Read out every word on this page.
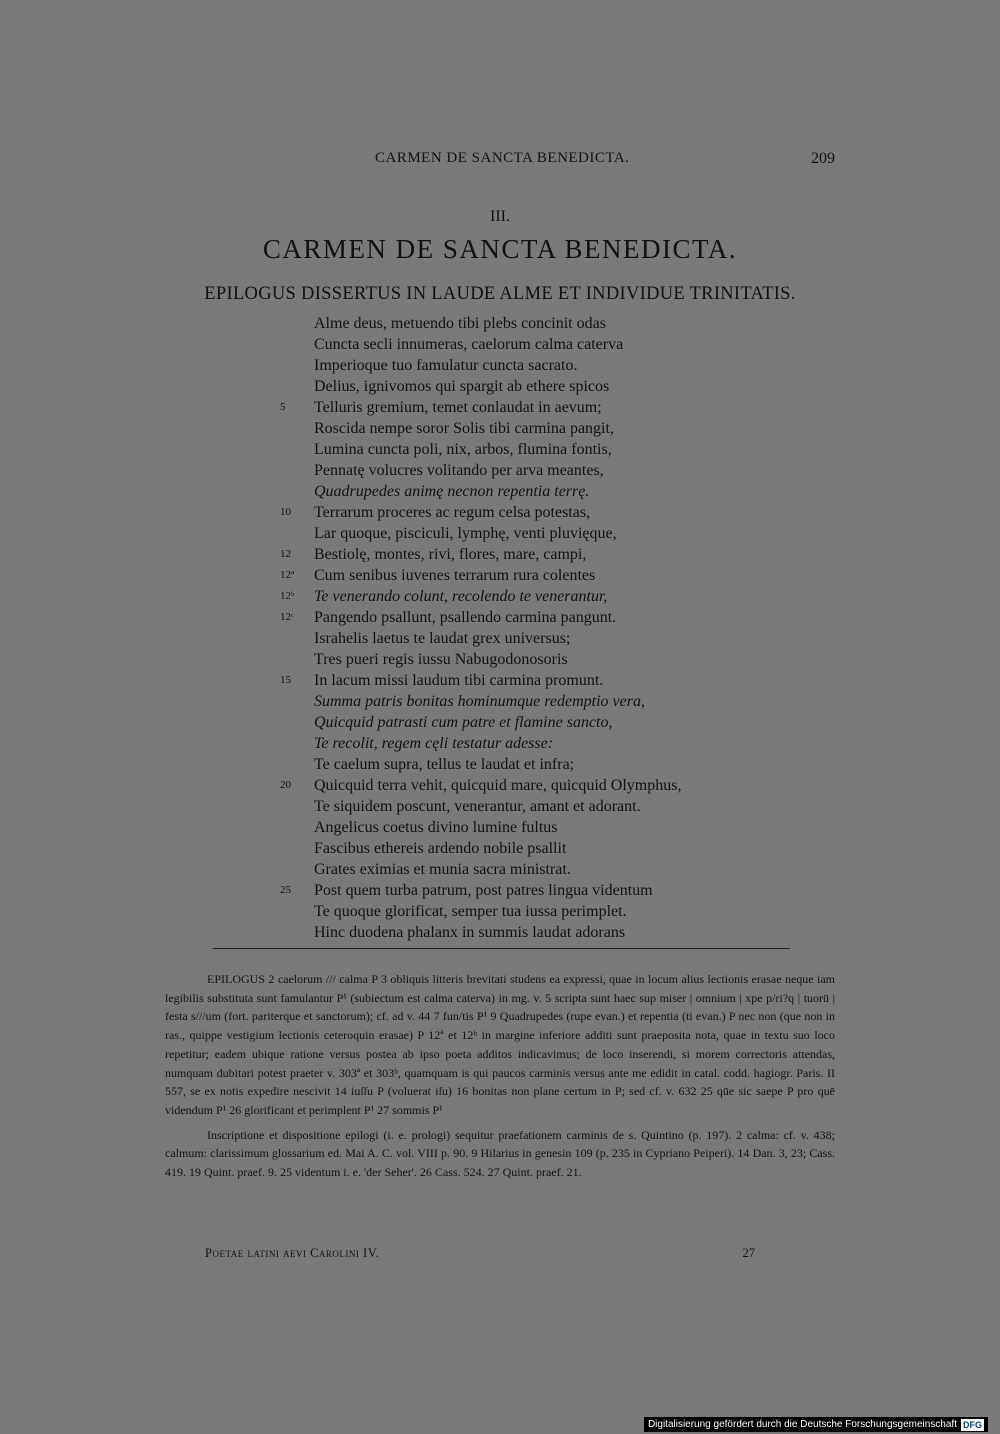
CARMEN DE SANCTA BENEDICTA.	209
III.
CARMEN DE SANCTA BENEDICTA.
EPILOGUS DISSERTUS IN LAUDE ALME ET INDIVIDUE TRINITATIS.
Alme deus, metuendo tibi plebs concinit odas
Cuncta secli innumeras, caelorum calma caterva
Imperioque tuo famulatur cuncta sacrato.
Delius, ignivomos qui spargit ab ethere spicos
5	Telluris gremium, temet conlaudat in aevum;
Roscida nempe soror Solis tibi carmina pangit,
Lumina cuncta poli, nix, arbos, flumina fontis,
Pennatę volucres volitando per arva meantes,
Quadrupedes animę necnon repentia terrę.
10	Terrarum proceres ac regum celsa potestas,
Lar quoque, pisciculi, lymphę, venti pluvięque,
12	Bestiolę, montes, rivi, flores, mare, campi,
12ª	Cum senibus iuvenes terrarum rura colentes
12ᵇ	Te venerando colunt, recolendo te venerantur,
12ᶜ	Pangendo psallunt, psallendo carmina pangunt.
Israhelis laetus te laudat grex universus;
Tres pueri regis iussu Nabugodonosoris
15	In lacum missi laudum tibi carmina promunt.
Summa patris bonitas hominumque redemptio vera,
Quicquid patrasti cum patre et flamine sancto,
Te recolit, regem cęli testatur adesse:
Te caelum supra, tellus te laudat et infra;
20	Quicquid terra vehit, quicquid mare, quicquid Olymphus,
Te siquidem poscunt, venerantur, amant et adorant.
Angelicus coetus divino lumine fultus
Fascibus ethereis ardendo nobile psallit
Grates eximias et munia sacra ministrat.
25	Post quem turba patrum, post patres lingua videntum
Te quoque glorificat, semper tua iussa perimplet.
Hinc duodena phalanx in summis laudat adorans

EPILOGUS 2 caelorum /// calma P 3 obliquis litteris brevitati studens ea expressi, quae in locum alius lectionis erasae neque iam legibilis substituta sunt famulantur P¹ (subiectum est calma caterva) in mg. v. 5 scripta sunt haec sup miser | omnium | xpe p/ri?q | tuorū | festa s///um (fort. pariterque et sanctorum); cf. ad v. 44 7 fun/tis P¹ 9 Quadrupedes (rupe evan.) et repentia (ti evan.) P nec non (que non in ras., quippe vestigium lectionis ceteroquin erasae) P 12ª et 12ᵇ in margine inferiore additi sunt praeposita nota, quae in textu suo loco repetitur; eadem ubique ratione versus postea ab ipso poeta additos indicavimus; de loco inserendi, si morem correctoris attendas, numquam dubitari potest praeter v. 303ª et 303ᵇ, quamquam is qui paucos carminis versus ante me edidit in catal. codd. hagiogr. Paris. II 557, se ex notis expedire nescivit 14 iuſſu P (voluerat iſu) 16 bonitas non plane certum in P; sed cf. v. 632 25 qūe sic saepe P pro quē videndum P¹ 26 glorificant et perimplent P¹ 27 sommis P¹

Inscriptione et dispositione epilogi (i. e. prologi) sequitur praefationem carminis de s. Quintino (p. 197). 2 calma: cf. v. 438; calmum: clarissimum glossarium ed. Mai A. C. vol. VIII p. 90. 9 Hilarius in genesin 109 (p. 235 in Cypriano Peiperi). 14 Dan. 3, 23; Cass. 419. 19 Quint. praef. 9. 25 videntum i. e. 'der Seher'. 26 Cass. 524. 27 Quint. praef. 21.

Poetae latini aevi Carolini IV.	27
Digitalisierung gefördert durch die Deutsche Forschungsgemeinschaft DFG
